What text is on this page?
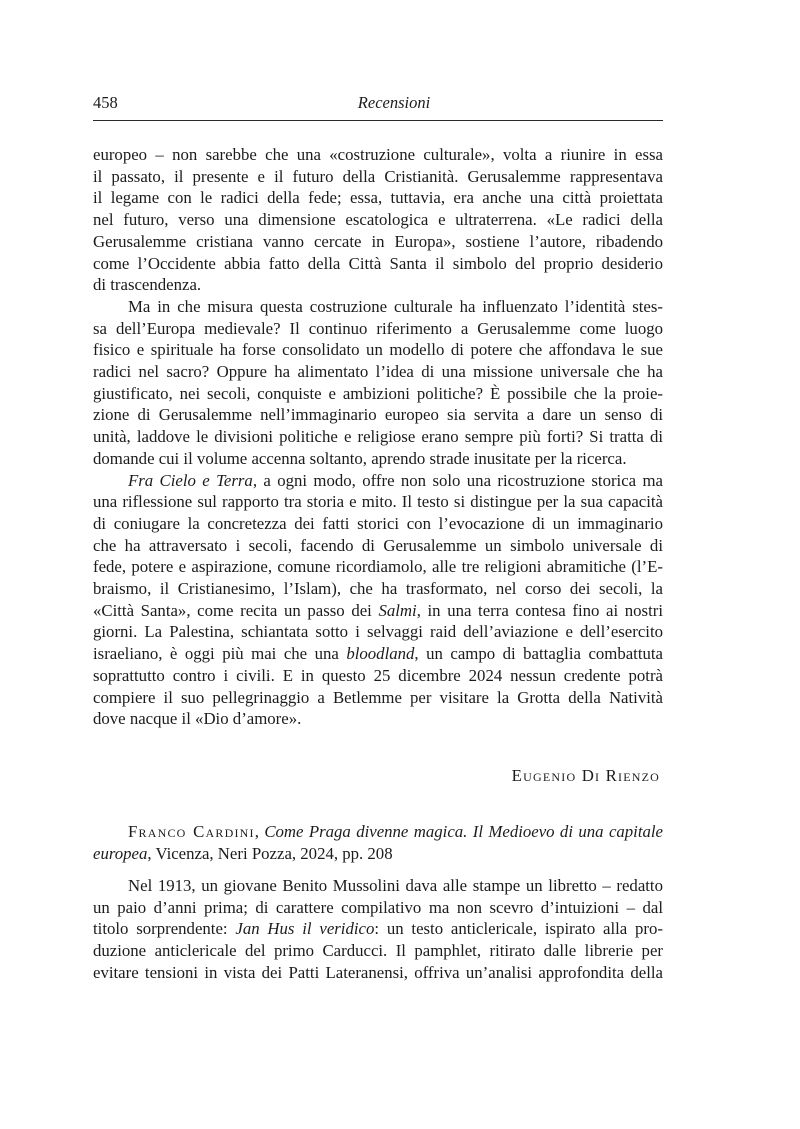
458	Recensioni
europeo – non sarebbe che una «costruzione culturale», volta a riunire in essa
il passato, il presente e il futuro della Cristianità. Gerusalemme rappresentava
il legame con le radici della fede; essa, tuttavia, era anche una città proiettata
nel futuro, verso una dimensione escatologica e ultraterrena. «Le radici della
Gerusalemme cristiana vanno cercate in Europa», sostiene l’autore, ribadendo
come l’Occidente abbia fatto della Città Santa il simbolo del proprio desiderio
di trascendenza.
Ma in che misura questa costruzione culturale ha influenzato l’identità stes-
sa dell’Europa medievale? Il continuo riferimento a Gerusalemme come luogo
fisico e spirituale ha forse consolidato un modello di potere che affondava le sue
radici nel sacro? Oppure ha alimentato l’idea di una missione universale che ha
giustificato, nei secoli, conquiste e ambizioni politiche? È possibile che la proie-
zione di Gerusalemme nell’immaginario europeo sia servita a dare un senso di
unità, laddove le divisioni politiche e religiose erano sempre più forti? Si tratta di
domande cui il volume accenna soltanto, aprendo strade inusitate per la ricerca.
Fra Cielo e Terra, a ogni modo, offre non solo una ricostruzione storica ma
una riflessione sul rapporto tra storia e mito. Il testo si distingue per la sua capacità
di coniugare la concretezza dei fatti storici con l’evocazione di un immaginario
che ha attraversato i secoli, facendo di Gerusalemme un simbolo universale di
fede, potere e aspirazione, comune ricordiamolo, alle tre religioni abramitiche (l’E-
braismo, il Cristianesimo, l’Islam), che ha trasformato, nel corso dei secoli, la
«Città Santa», come recita un passo dei Salmi, in una terra contesa fino ai nostri
giorni. La Palestina, schiantata sotto i selvaggi raid dell’aviazione e dell’esercito
israeliano, è oggi più mai che una bloodland, un campo di battaglia combattuta
soprattutto contro i civili. E in questo 25 dicembre 2024 nessun credente potrà
compiere il suo pellegrinaggio a Betlemme per visitare la Grotta della Natività
dove nacque il «Dio d’amore».
Eugenio Di Rienzo
Franco Cardini, Come Praga divenne magica. Il Medioevo di una capitale
europea, Vicenza, Neri Pozza, 2024, pp. 208
Nel 1913, un giovane Benito Mussolini dava alle stampe un libretto – redatto
un paio d’anni prima; di carattere compilativo ma non scevro d’intuizioni – dal
titolo sorprendente: Jan Hus il veridico: un testo anticlericale, ispirato alla pro-
duzione anticlericale del primo Carducci. Il pamphlet, ritirato dalle librerie per
evitare tensioni in vista dei Patti Lateranensi, offriva un’analisi approfondita della
